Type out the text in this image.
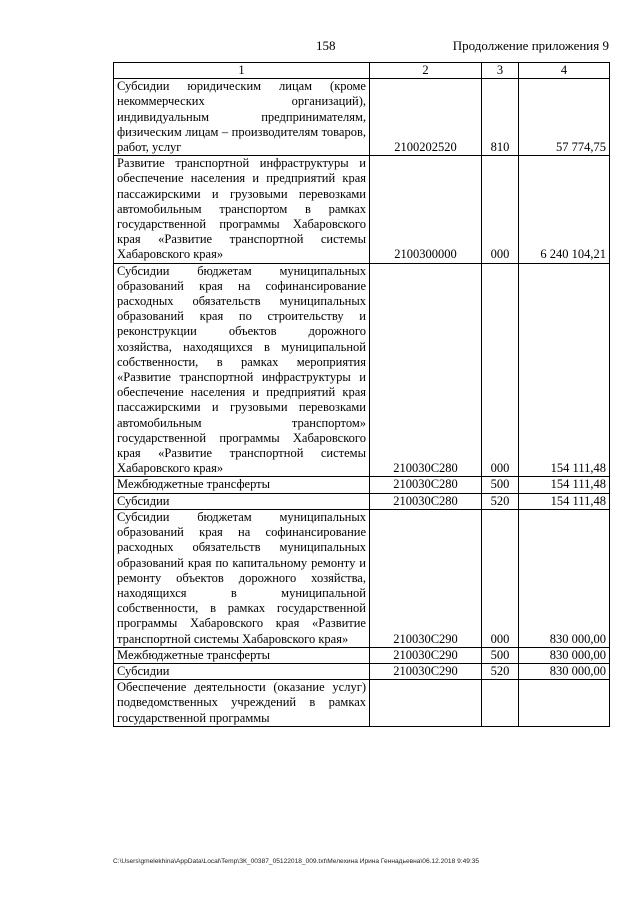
158	Продолжение приложения 9
1	2	3	4
Субсидии юридическим лицам (кроме некоммерческих организаций), индивидуальным предпринимателям, физическим лицам – производителям товаров, работ, услуг	2100202520	810	57 774,75
Развитие транспортной инфраструктуры и обеспечение населения и предприятий края пассажирскими и грузовыми перевозками автомобильным транспортом в рамках государственной программы Хабаровского края «Развитие транспортной системы Хабаровского края»	2100300000	000	6 240 104,21
Субсидии бюджетам муниципальных образований края на софинансирование расходных обязательств муниципальных образований края по строительству и реконструкции объектов дорожного хозяйства, находящихся в муниципальной собственности, в рамках мероприятия «Развитие транспортной инфраструктуры и обеспечение населения и предприятий края пассажирскими и грузовыми перевозками автомобильным транспортом» государственной программы Хабаровского края «Развитие транспортной системы Хабаровского края»	210030С280	000	154 111,48
Межбюджетные трансферты	210030С280	500	154 111,48
Субсидии	210030С280	520	154 111,48
Субсидии бюджетам муниципальных образований края на софинансирование расходных обязательств муниципальных образований края по капитальному ремонту и ремонту объектов дорожного хозяйства, находящихся в муниципальной собственности, в рамках государственной программы Хабаровского края «Развитие транспортной системы Хабаровского края»	210030С290	000	830 000,00
Межбюджетные трансферты	210030С290	500	830 000,00
Субсидии	210030С290	520	830 000,00
Обеспечение деятельности (оказание услуг) подведомственных учреждений в рамках государственной программы			
C:\Users\gmelekhina\AppData\Local\Temp\ЗК_00387_05122018_009.txt\Мелехина Ирина Геннадьевна\06.12.2018 9:49:35
